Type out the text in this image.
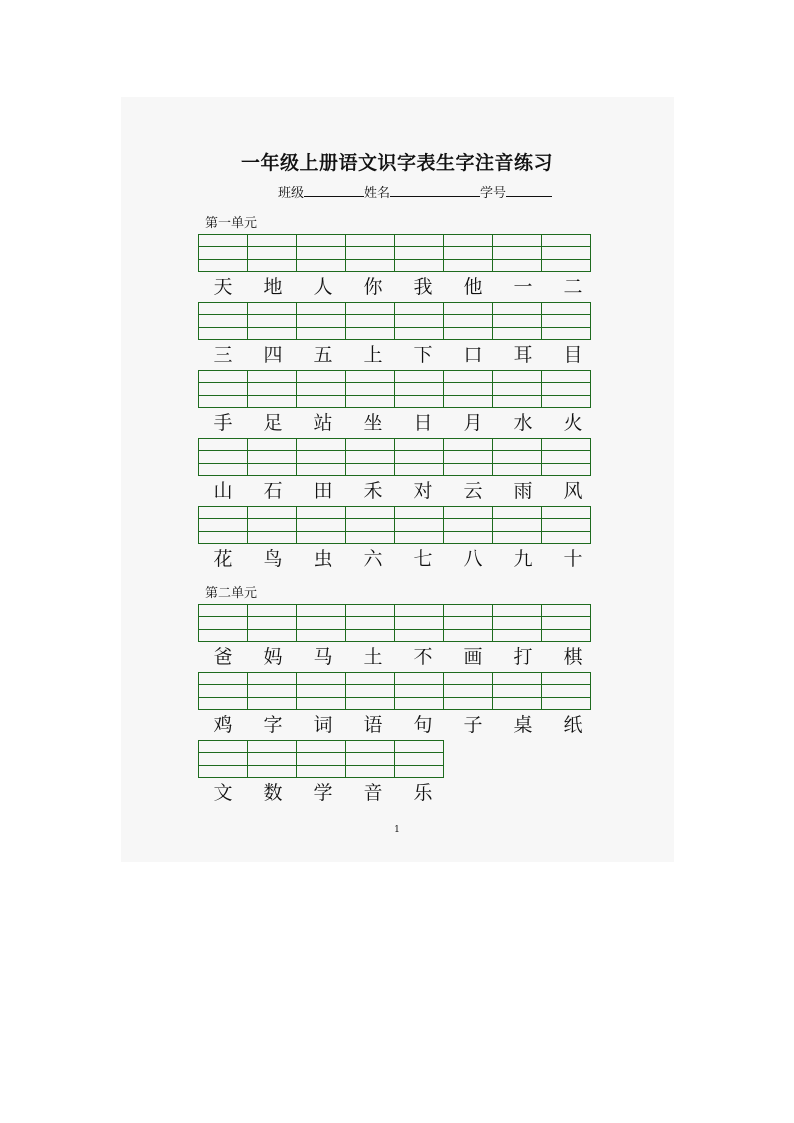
一年级上册语文识字表生字注音练习
班级	姓名	学号
第一单元
天	地	人	你	我	他	一	二
三	四	五	上	下	口	耳	目
手	足	站	坐	日	月	水	火
山	石	田	禾	对	云	雨	风
花	鸟	虫	六	七	八	九	十
第二单元
爸	妈	马	土	不	画	打	棋
鸡	字	词	语	句	子	桌	纸
文	数	学	音	乐
1
